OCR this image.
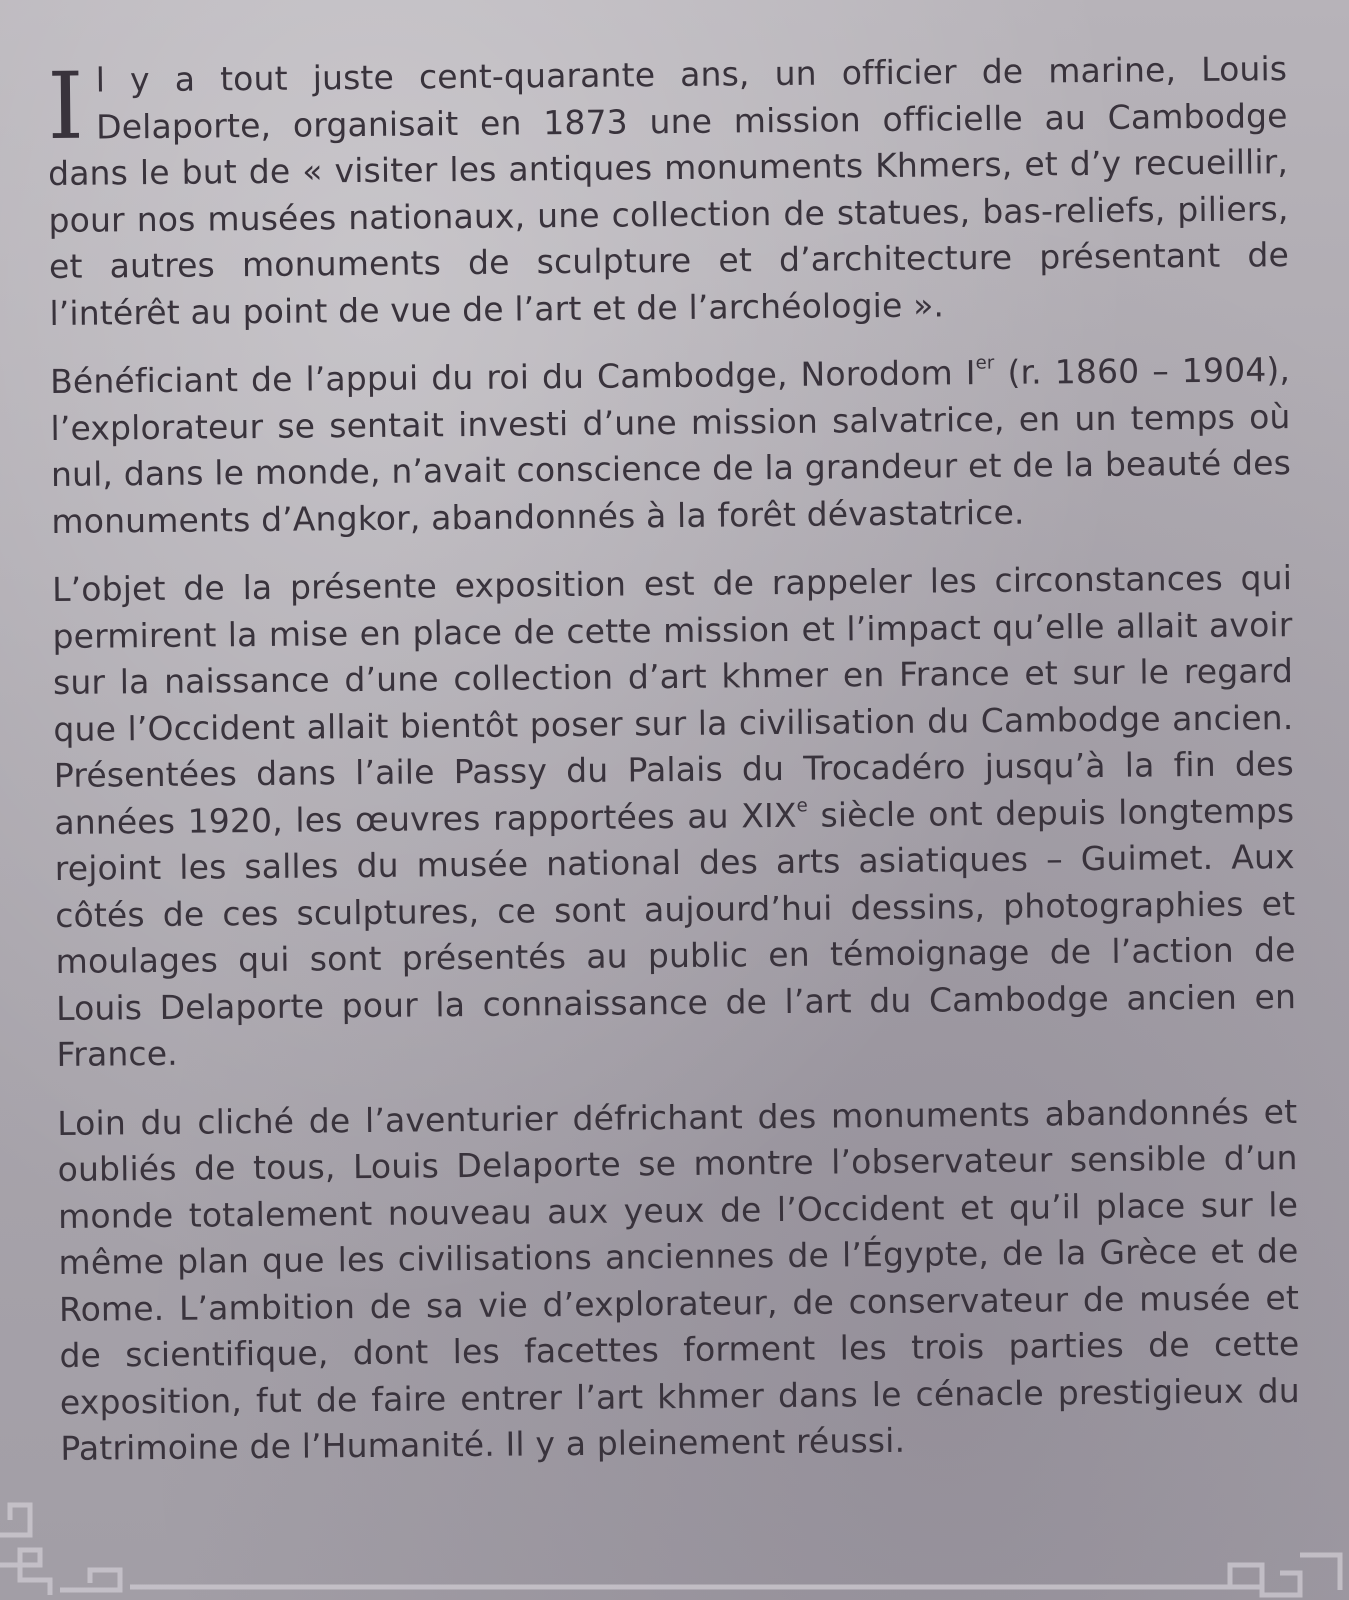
Il y a tout juste cent-quarante ans, un officier de marine, Louis Delaporte, organisait en 1873 une mission officielle au Cambodge dans le but de « visiter les antiques monuments Khmers, et d’y recueillir, pour nos musées nationaux, une collection de statues, bas-reliefs, piliers, et autres monuments de sculpture et d’architecture présentant de l’intérêt au point de vue de l’art et de l’archéologie ».

Bénéficiant de l’appui du roi du Cambodge, Norodom Ier (r. 1860 – 1904), l’explorateur se sentait investi d’une mission salvatrice, en un temps où nul, dans le monde, n’avait conscience de la grandeur et de la beauté des monuments d’Angkor, abandonnés à la forêt dévastatrice.

L’objet de la présente exposition est de rappeler les circonstances qui permirent la mise en place de cette mission et l’impact qu’elle allait avoir sur la naissance d’une collection d’art khmer en France et sur le regard que l’Occident allait bientôt poser sur la civilisation du Cambodge ancien. Présentées dans l’aile Passy du Palais du Trocadéro jusqu’à la fin des années 1920, les œuvres rapportées au XIXe siècle ont depuis longtemps rejoint les salles du musée national des arts asiatiques – Guimet. Aux côtés de ces sculptures, ce sont aujourd’hui dessins, photographies et moulages qui sont présentés au public en témoignage de l’action de Louis Delaporte pour la connaissance de l’art du Cambodge ancien en France.

Loin du cliché de l’aventurier défrichant des monuments abandonnés et oubliés de tous, Louis Delaporte se montre l’observateur sensible d’un monde totalement nouveau aux yeux de l’Occident et qu’il place sur le même plan que les civilisations anciennes de l’Égypte, de la Grèce et de Rome. L’ambition de sa vie d’explorateur, de conservateur de musée et de scientifique, dont les facettes forment les trois parties de cette exposition, fut de faire entrer l’art khmer dans le cénacle prestigieux du Patrimoine de l’Humanité. Il y a pleinement réussi.
